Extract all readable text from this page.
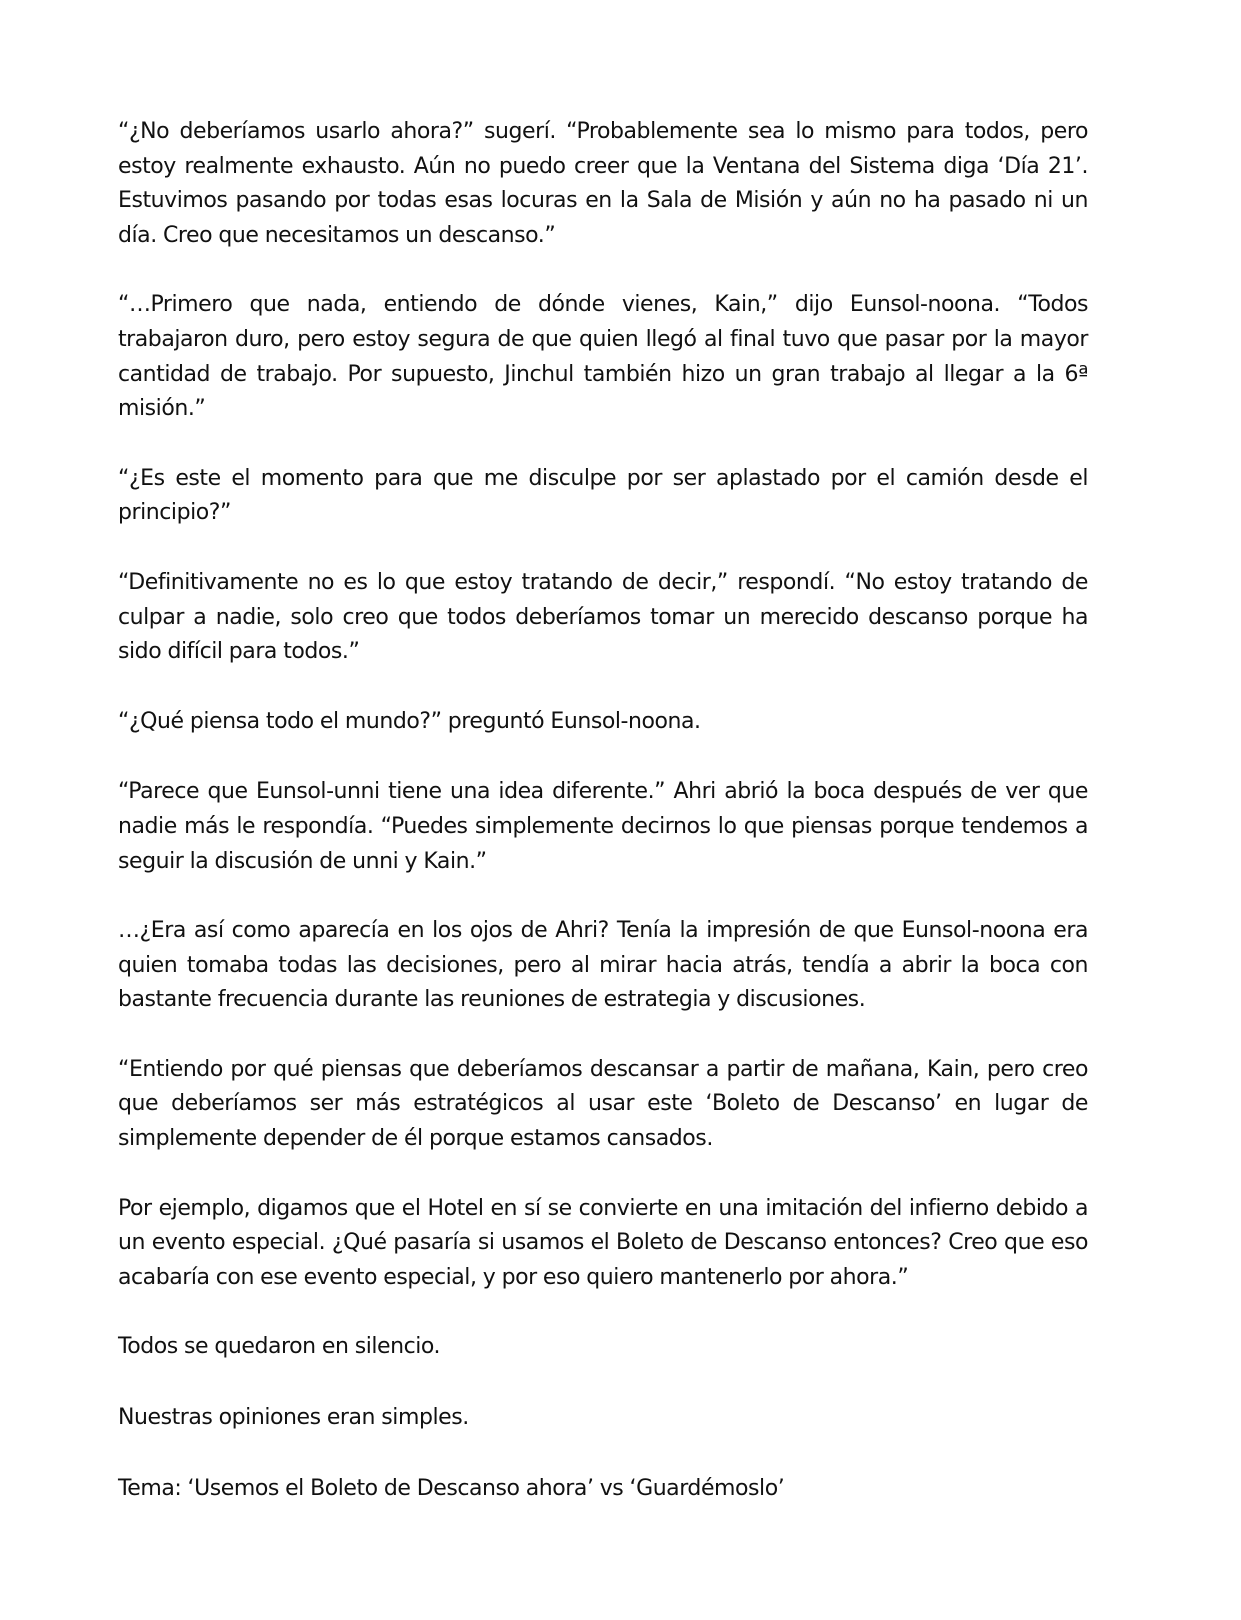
“¿No deberíamos usarlo ahora?” sugerí. “Probablemente sea lo mismo para todos, pero estoy realmente exhausto. Aún no puedo creer que la Ventana del Sistema diga ‘Día 21’. Estuvimos pasando por todas esas locuras en la Sala de Misión y aún no ha pasado ni un día. Creo que necesitamos un descanso.”

“…Primero que nada, entiendo de dónde vienes, Kain,” dijo Eunsol-noona. “Todos trabajaron duro, pero estoy segura de que quien llegó al final tuvo que pasar por la mayor cantidad de trabajo. Por supuesto, Jinchul también hizo un gran trabajo al llegar a la 6ª misión.”

“¿Es este el momento para que me disculpe por ser aplastado por el camión desde el principio?”

“Definitivamente no es lo que estoy tratando de decir,” respondí. “No estoy tratando de culpar a nadie, solo creo que todos deberíamos tomar un merecido descanso porque ha sido difícil para todos.”

“¿Qué piensa todo el mundo?” preguntó Eunsol-noona.

“Parece que Eunsol-unni tiene una idea diferente.” Ahri abrió la boca después de ver que nadie más le respondía. “Puedes simplemente decirnos lo que piensas porque tendemos a seguir la discusión de unni y Kain.”

…¿Era así como aparecía en los ojos de Ahri? Tenía la impresión de que Eunsol-noona era quien tomaba todas las decisiones, pero al mirar hacia atrás, tendía a abrir la boca con bastante frecuencia durante las reuniones de estrategia y discusiones.

“Entiendo por qué piensas que deberíamos descansar a partir de mañana, Kain, pero creo que deberíamos ser más estratégicos al usar este ‘Boleto de Descanso’ en lugar de simplemente depender de él porque estamos cansados.

Por ejemplo, digamos que el Hotel en sí se convierte en una imitación del infierno debido a un evento especial. ¿Qué pasaría si usamos el Boleto de Descanso entonces? Creo que eso acabaría con ese evento especial, y por eso quiero mantenerlo por ahora.”

Todos se quedaron en silencio.

Nuestras opiniones eran simples.

Tema: ‘Usemos el Boleto de Descanso ahora’ vs ‘Guardémoslo’
